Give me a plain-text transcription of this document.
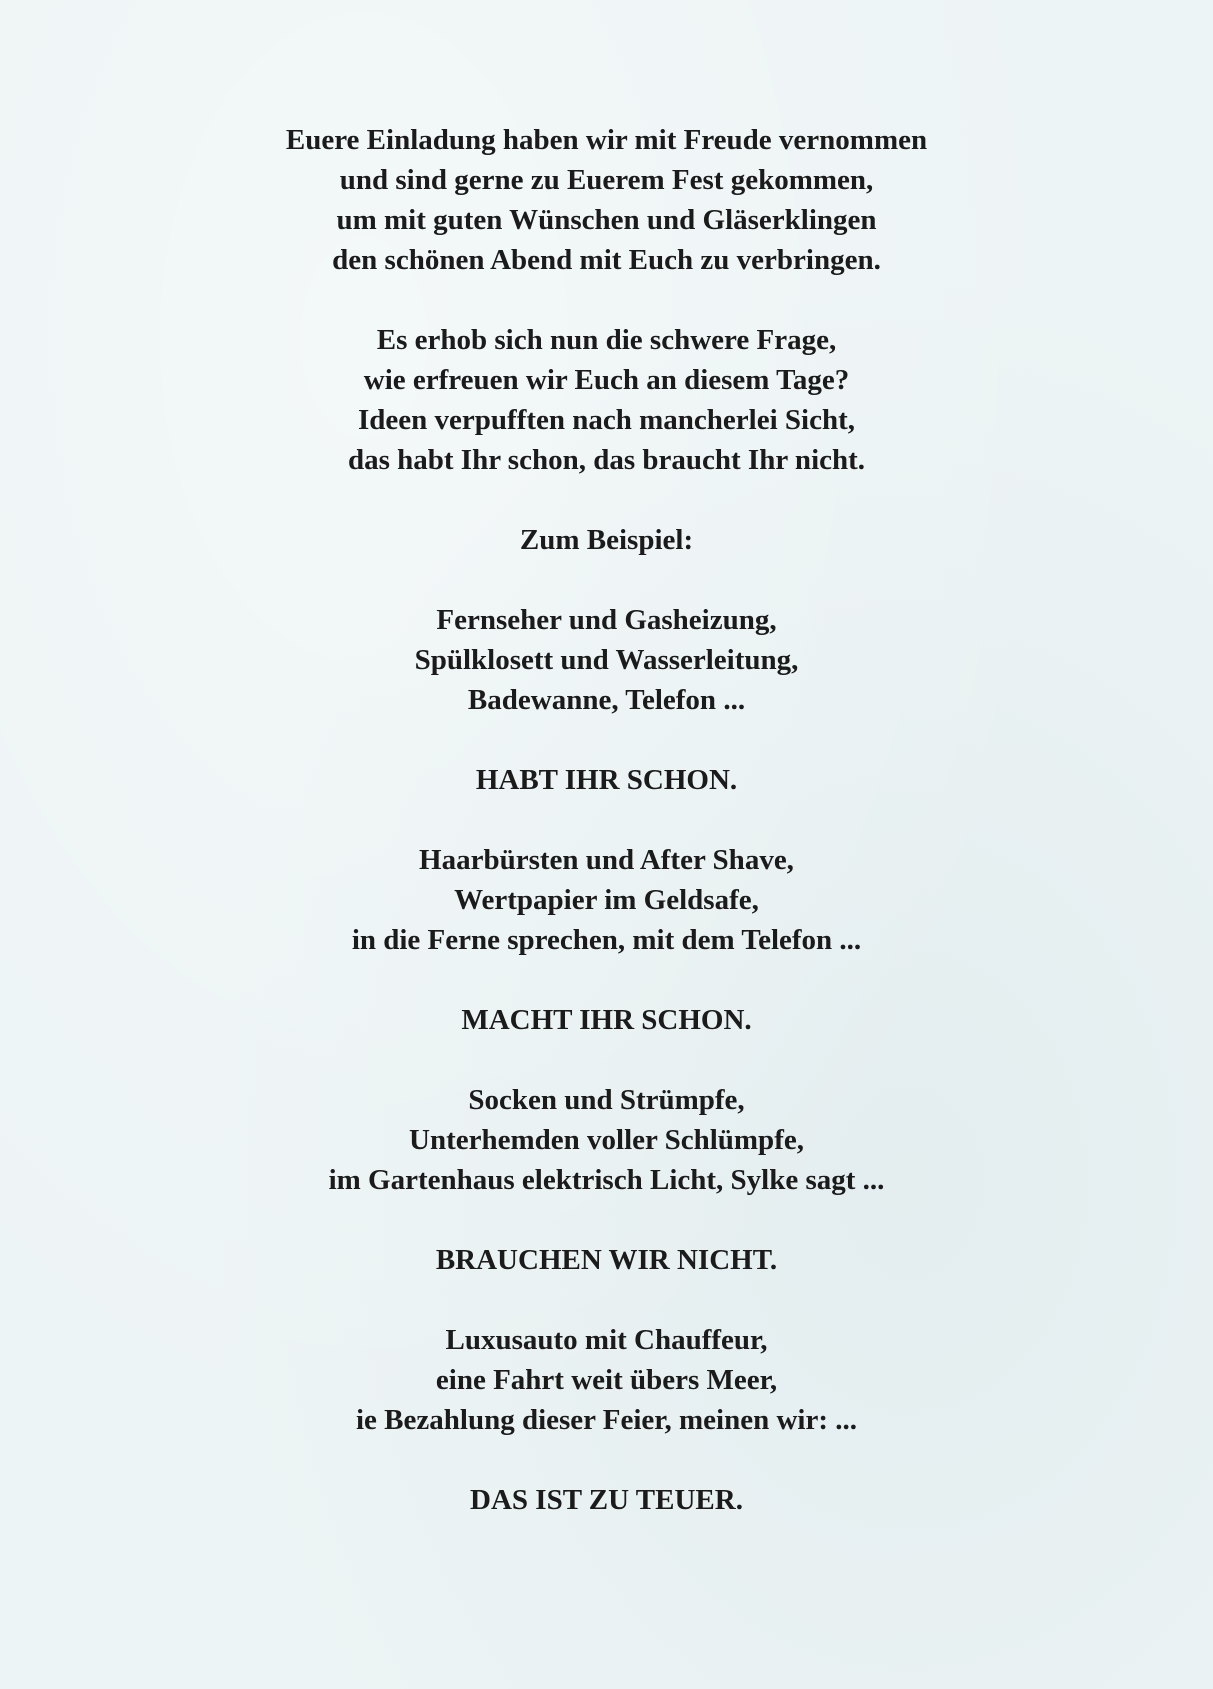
Euere Einladung haben wir mit Freude vernommen
und sind gerne zu Euerem Fest gekommen,
um mit guten Wünschen und Gläserklingen
den schönen Abend mit Euch zu verbringen.
Es erhob sich nun die schwere Frage,
wie erfreuen wir Euch an diesem Tage?
Ideen verpufften nach mancherlei Sicht,
das habt Ihr schon, das braucht Ihr nicht.
Zum Beispiel:
Fernseher und Gasheizung,
Spülklosett und Wasserleitung,
Badewanne, Telefon ...
HABT IHR SCHON.
Haarbürsten und After Shave,
Wertpapier im Geldsafe,
in die Ferne sprechen, mit dem Telefon ...
MACHT IHR SCHON.
Socken und Strümpfe,
Unterhemden voller Schlümpfe,
im Gartenhaus elektrisch Licht, Sylke sagt ...
BRAUCHEN WIR NICHT.
Luxusauto mit Chauffeur,
eine Fahrt weit übers Meer,
ie Bezahlung dieser Feier, meinen wir: ...
DAS IST ZU TEUER.
